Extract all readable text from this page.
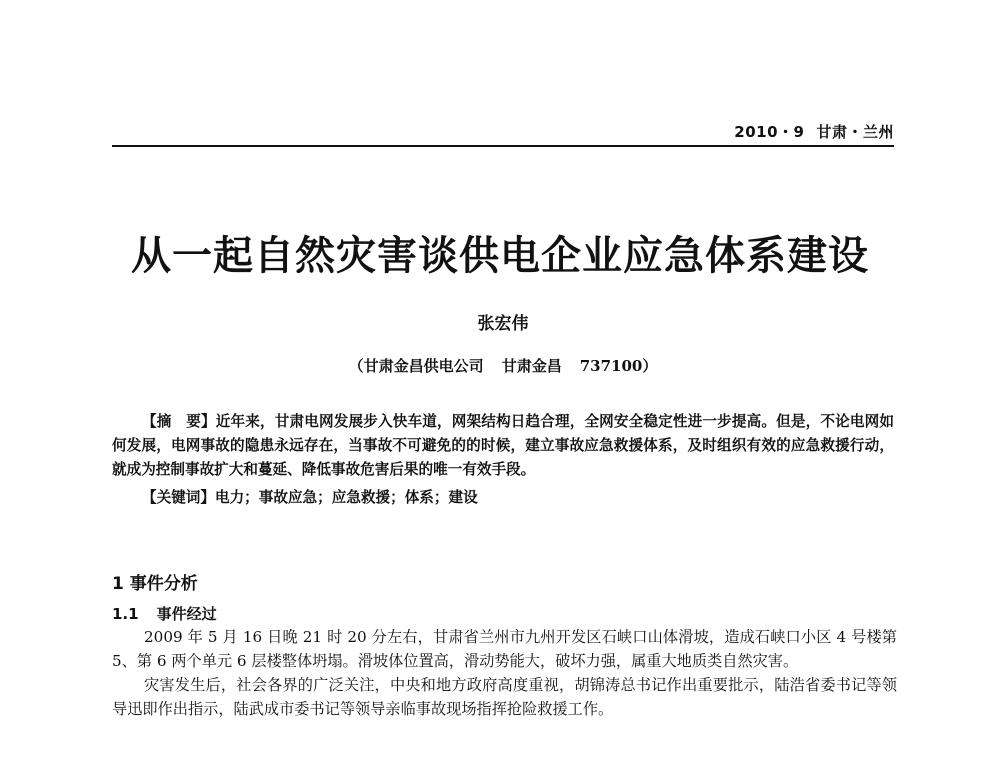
2010・9 甘肃・兰州
从一起自然灾害谈供电企业应急体系建设
张宏伟
（甘肃金昌供电公司 甘肃金昌 737100）

【摘　要】近年来，甘肃电网发展步入快车道，网架结构日趋合理，全网安全稳定性进一步提高。但是，不论电网如何发展，电网事故的隐患永远存在，当事故不可避免的的时候，建立事故应急救援体系，及时组织有效的应急救援行动，就成为控制事故扩大和蔓延、降低事故危害后果的唯一有效手段。

【关键词】电力；事故应急；应急救援；体系；建设

1 事件分析
1.1 事件经过

2009 年 5 月 16 日晚 21 时 20 分左右，甘肃省兰州市九州开发区石峡口山体滑坡，造成石峡口小区 4 号楼第 5、第 6 两个单元 6 层楼整体坍塌。滑坡体位置高，滑动势能大，破坏力强，属重大地质类自然灾害。

灾害发生后，社会各界的广泛关注，中央和地方政府高度重视，胡锦涛总书记作出重要批示，陆浩省委书记等领导迅即作出指示，陆武成市委书记等领导亲临事故现场指挥抢险救援工作。
